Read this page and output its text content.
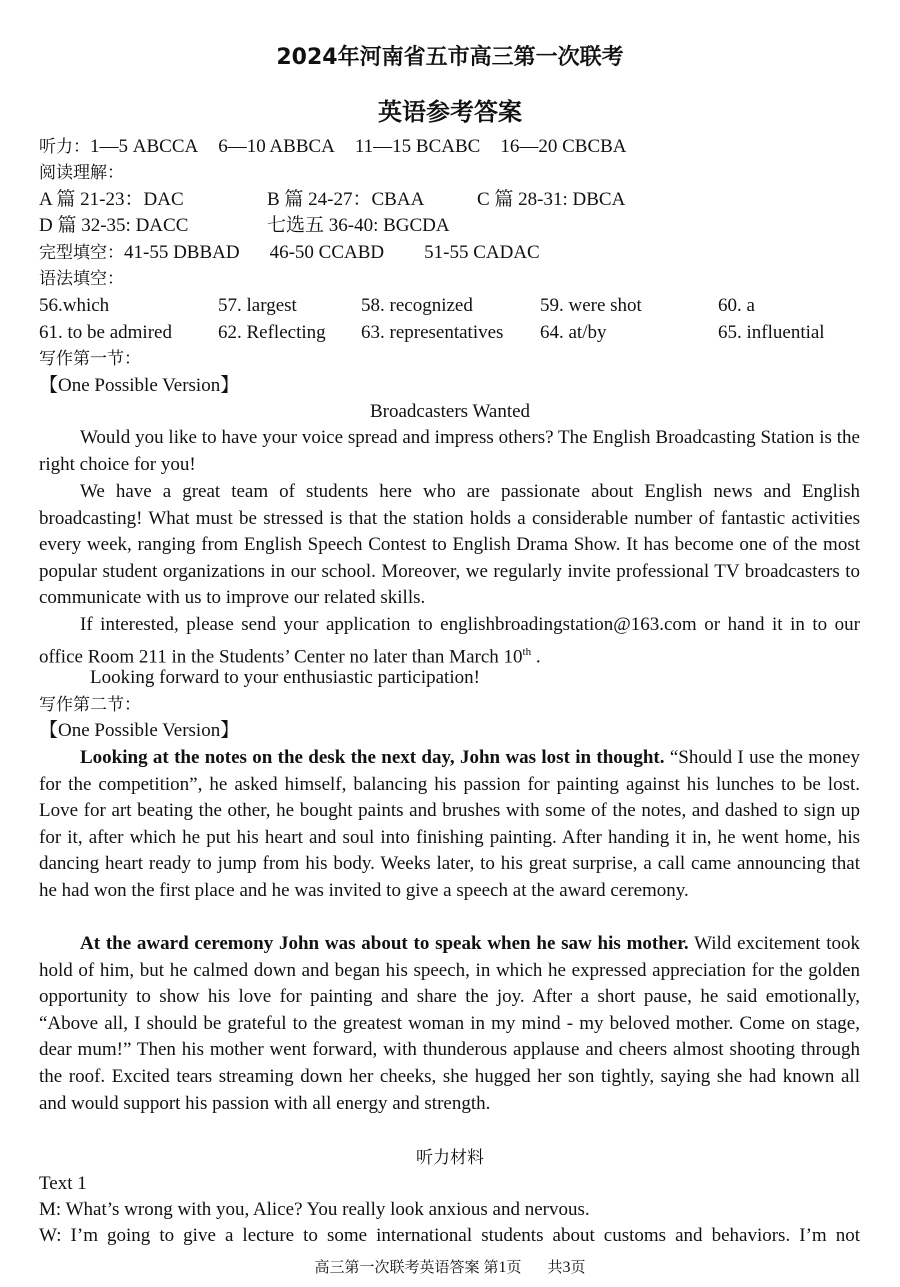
2024年河南省五市高三第一次联考
英语参考答案
听力：1—5 ABCCA 6—10 ABBCA 11—15 BCABC 16—20 CBCBA
阅读理解：
A 篇 21-23：DAC	B 篇 24-27：CBAA	C 篇 28-31: DBCA
D 篇 32-35: DACC	七选五 36-40: BGCDA
完型填空：41-55 DBBAD 46-50 CCABD 51-55 CADAC
语法填空：
56.which	57. largest	58. recognized	59. were shot	60. a
61. to be admired 62. Reflecting 63. representatives 64. at/by	65. influential
写作第一节：
【One Possible Version】
Broadcasters Wanted
Would you like to have your voice spread and impress others? The English Broadcasting Station is the right choice for you!
We have a great team of students here who are passionate about English news and English broadcasting! What must be stressed is that the station holds a considerable number of fantastic activities every week, ranging from English Speech Contest to English Drama Show. It has become one of the most popular student organizations in our school. Moreover, we regularly invite professional TV broadcasters to communicate with us to improve our related skills.
If interested, please send your application to englishbroadingstation@163.com or hand it in to our office Room 211 in the Students’ Center no later than March 10th .
Looking forward to your enthusiastic participation!
写作第二节：
【One Possible Version】
Looking at the notes on the desk the next day, John was lost in thought. “Should I use the money for the competition”, he asked himself, balancing his passion for painting against his lunches to be lost. Love for art beating the other, he bought paints and brushes with some of the notes, and dashed to sign up for it, after which he put his heart and soul into finishing painting. After handing it in, he went home, his dancing heart ready to jump from his body. Weeks later, to his great surprise, a call came announcing that he had won the first place and he was invited to give a speech at the award ceremony.
At the award ceremony John was about to speak when he saw his mother. Wild excitement took hold of him, but he calmed down and began his speech, in which he expressed appreciation for the golden opportunity to show his love for painting and share the joy. After a short pause, he said emotionally, “Above all, I should be grateful to the greatest woman in my mind - my beloved mother. Come on stage, dear mum!” Then his mother went forward, with thunderous applause and cheers almost shooting through the roof. Excited tears streaming down her cheeks, she hugged her son tightly, saying she had known all and would support his passion with all energy and strength.
听力材料
Text 1
M: What’s wrong with you, Alice? You really look anxious and nervous.
W: I’m going to give a lecture to some international students about customs and behaviors. I’m not
高三第一次联考英语答案 第1页 共3页
